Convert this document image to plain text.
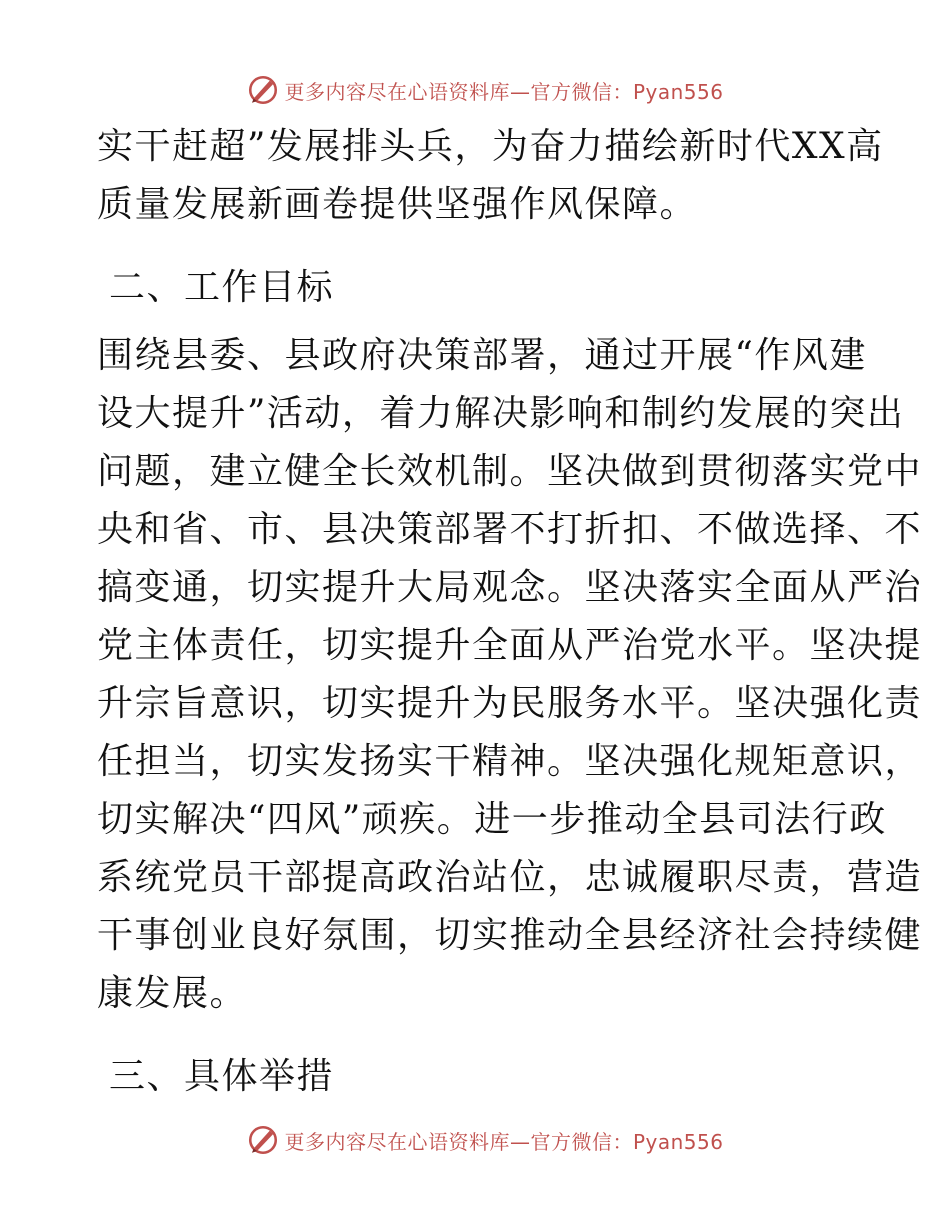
更多内容尽在心语资料库—官方微信：Pyan556
实干赶超”发展排头兵，为奋力描绘新时代XX高
质量发展新画卷提供坚强作风保障。
二、工作目标
围绕县委、县政府决策部署，通过开展“作风建
设大提升”活动，着力解决影响和制约发展的突出
问题，建立健全长效机制。坚决做到贯彻落实党中
央和省、市、县决策部署不打折扣、不做选择、不
搞变通，切实提升大局观念。坚决落实全面从严治
党主体责任，切实提升全面从严治党水平。坚决提
升宗旨意识，切实提升为民服务水平。坚决强化责
任担当，切实发扬实干精神。坚决强化规矩意识，
切实解决“四风”顽疾。进一步推动全县司法行政
系统党员干部提高政治站位，忠诚履职尽责，营造
干事创业良好氛围，切实推动全县经济社会持续健
康发展。
三、具体举措
更多内容尽在心语资料库—官方微信：Pyan556
